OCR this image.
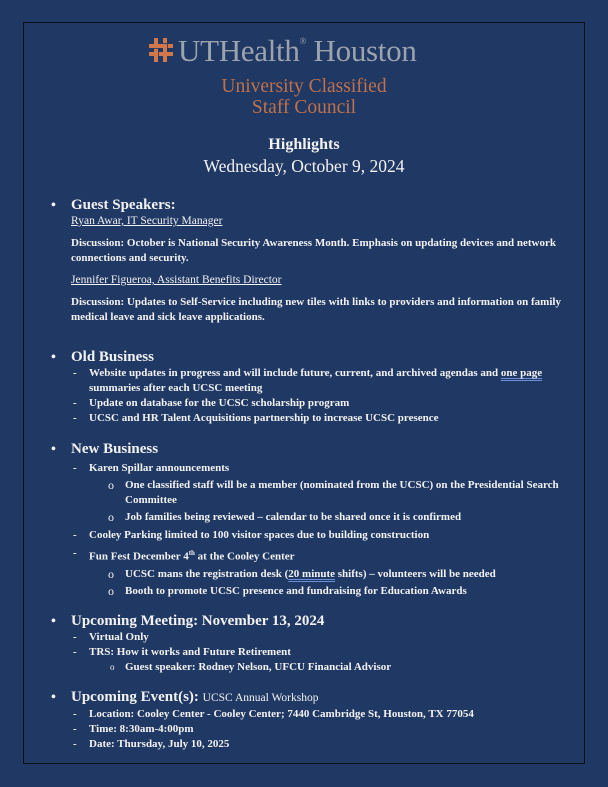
UTHealth® Houston
University Classified
Staff Council
Highlights
Wednesday, October 9, 2024
• Guest Speakers:
Ryan Awar, IT Security Manager
Discussion: October is National Security Awareness Month. Emphasis on updating devices and network connections and security.
Jennifer Figueroa, Assistant Benefits Director
Discussion: Updates to Self-Service including new tiles with links to providers and information on family medical leave and sick leave applications.
• Old Business
- Website updates in progress and will include future, current, and archived agendas and one page summaries after each UCSC meeting
- Update on database for the UCSC scholarship program
- UCSC and HR Talent Acquisitions partnership to increase UCSC presence
• New Business
- Karen Spillar announcements
o One classified staff will be a member (nominated from the UCSC) on the Presidential Search Committee
o Job families being reviewed – calendar to be shared once it is confirmed
- Cooley Parking limited to 100 visitor spaces due to building construction
- Fun Fest December 4th at the Cooley Center
o UCSC mans the registration desk (20 minute shifts) – volunteers will be needed
o Booth to promote UCSC presence and fundraising for Education Awards
• Upcoming Meeting: November 13, 2024
- Virtual Only
- TRS: How it works and Future Retirement
o Guest speaker: Rodney Nelson, UFCU Financial Advisor
• Upcoming Event(s): UCSC Annual Workshop
- Location: Cooley Center - Cooley Center; 7440 Cambridge St, Houston, TX 77054
- Time: 8:30am-4:00pm
- Date: Thursday, July 10, 2025
